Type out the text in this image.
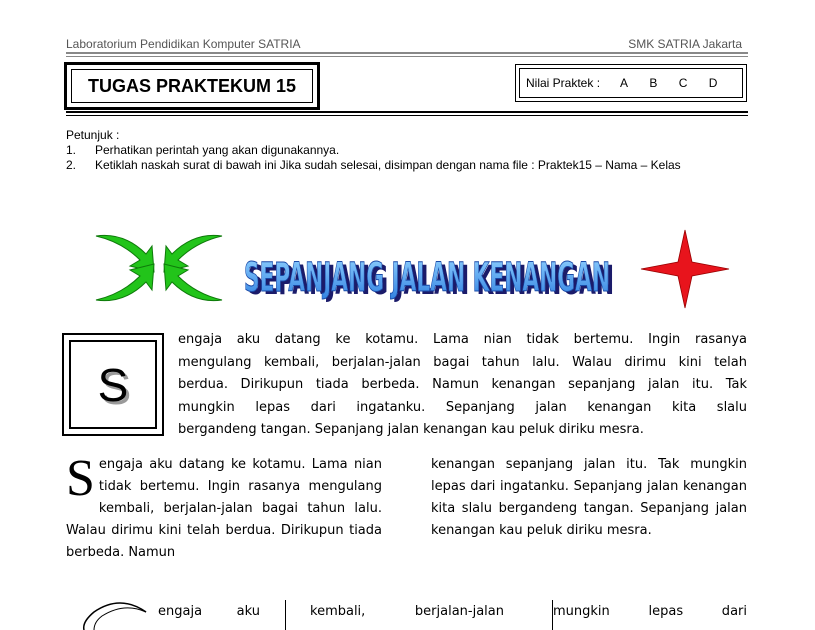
Laboratorium Pendidikan Komputer SATRIA	SMK SATRIA Jakarta
TUGAS PRAKTEKUM 15	Nilai Praktek :	A B C D
Petunjuk :
1.	Perhatikan perintah yang akan digunakannya.
2.	Ketiklah naskah surat di bawah ini Jika sudah selesai, disimpan dengan nama file : Praktek15 – Nama – Kelas
SEPANJANG JALAN KENANGAN
SEPANJANG JALAN KENANGAN
S
engaja aku datang ke kotamu. Lama nian tidak bertemu. Ingin rasanya
mengulang kembali, berjalan-jalan bagai tahun lalu. Walau dirimu kini telah
berdua. Dirikupun tiada berbeda. Namun kenangan sepanjang jalan itu. Tak
mungkin lepas dari ingatanku. Sepanjang jalan kenangan kita slalu
bergandeng tangan. Sepanjang jalan kenangan kau peluk diriku mesra.
S engaja aku datang ke kotamu. Lama nian tidak bertemu. Ingin rasanya mengulang kembali, berjalan-jalan bagai tahun lalu. Walau dirimu kini telah berdua. Dirikupun tiada berbeda. Namun
kenangan sepanjang jalan itu. Tak mungkin lepas dari ingatanku. Sepanjang jalan kenangan kita slalu bergandeng tangan. Sepanjang jalan kenangan kau peluk diriku mesra.
engaja aku	kembali, berjalan-jalan	mungkin lepas dari
